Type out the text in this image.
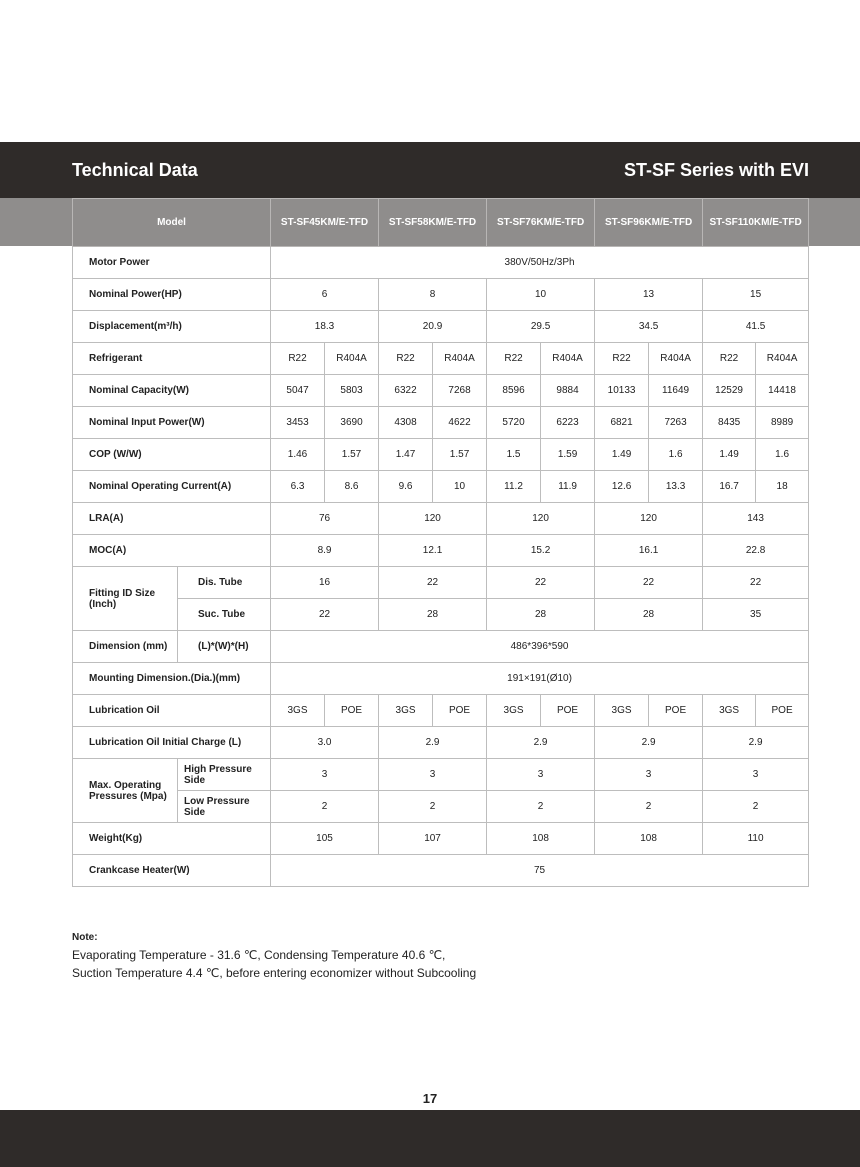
Technical Data	ST-SF Series with EVI
Model		ST-SF45KM/E-TFD		ST-SF58KM/E-TFD		ST-SF76KM/E-TFD		ST-SF96KM/E-TFD		ST-SF110KM/E-TFD	
Motor Power		380V/50Hz/3Ph									
Nominal Power(HP)		6		8		10		13		15	
Displacement(m³/h)		18.3		20.9		29.5		34.5		41.5	
Refrigerant		R22	R404A	R22	R404A	R22	R404A	R22	R404A	R22	R404A
Nominal Capacity(W)		5047	5803	6322	7268	8596	9884	10133	11649	12529	14418
Nominal Input Power(W)		3453	3690	4308	4622	5720	6223	6821	7263	8435	8989
COP (W/W)		1.46	1.57	1.47	1.57	1.5	1.59	1.49	1.6	1.49	1.6
Nominal Operating Current(A)		6.3	8.6	9.6	10	11.2	11.9	12.6	13.3	16.7	18
LRA(A)		76		120		120		120		143	
MOC(A)		8.9		12.1		15.2		16.1		22.8	
Fitting ID Size (Inch)	Dis. Tube	16		22		22		22		22	
	Suc. Tube	22		28		28		28		35	
Dimension (mm)	(L)*(W)*(H)	486*396*590									
Mounting Dimension.(Dia.)(mm)		191×191(Ø10)									
Lubrication Oil		3GS	POE	3GS	POE	3GS	POE	3GS	POE	3GS	POE
Lubrication Oil Initial Charge (L)		3.0		2.9		2.9		2.9		2.9	
Max. Operating Pressures (Mpa)	High Pressure Side	3		3		3		3		3	
	Low Pressure Side	2		2		2		2		2	
Weight(Kg)		105		107		108		108		110	
Crankcase Heater(W)		75									
Note:
Evaporating Temperature - 31.6 ℃, Condensing Temperature 40.6 ℃,
Suction Temperature 4.4 ℃, before entering economizer without Subcooling
17
